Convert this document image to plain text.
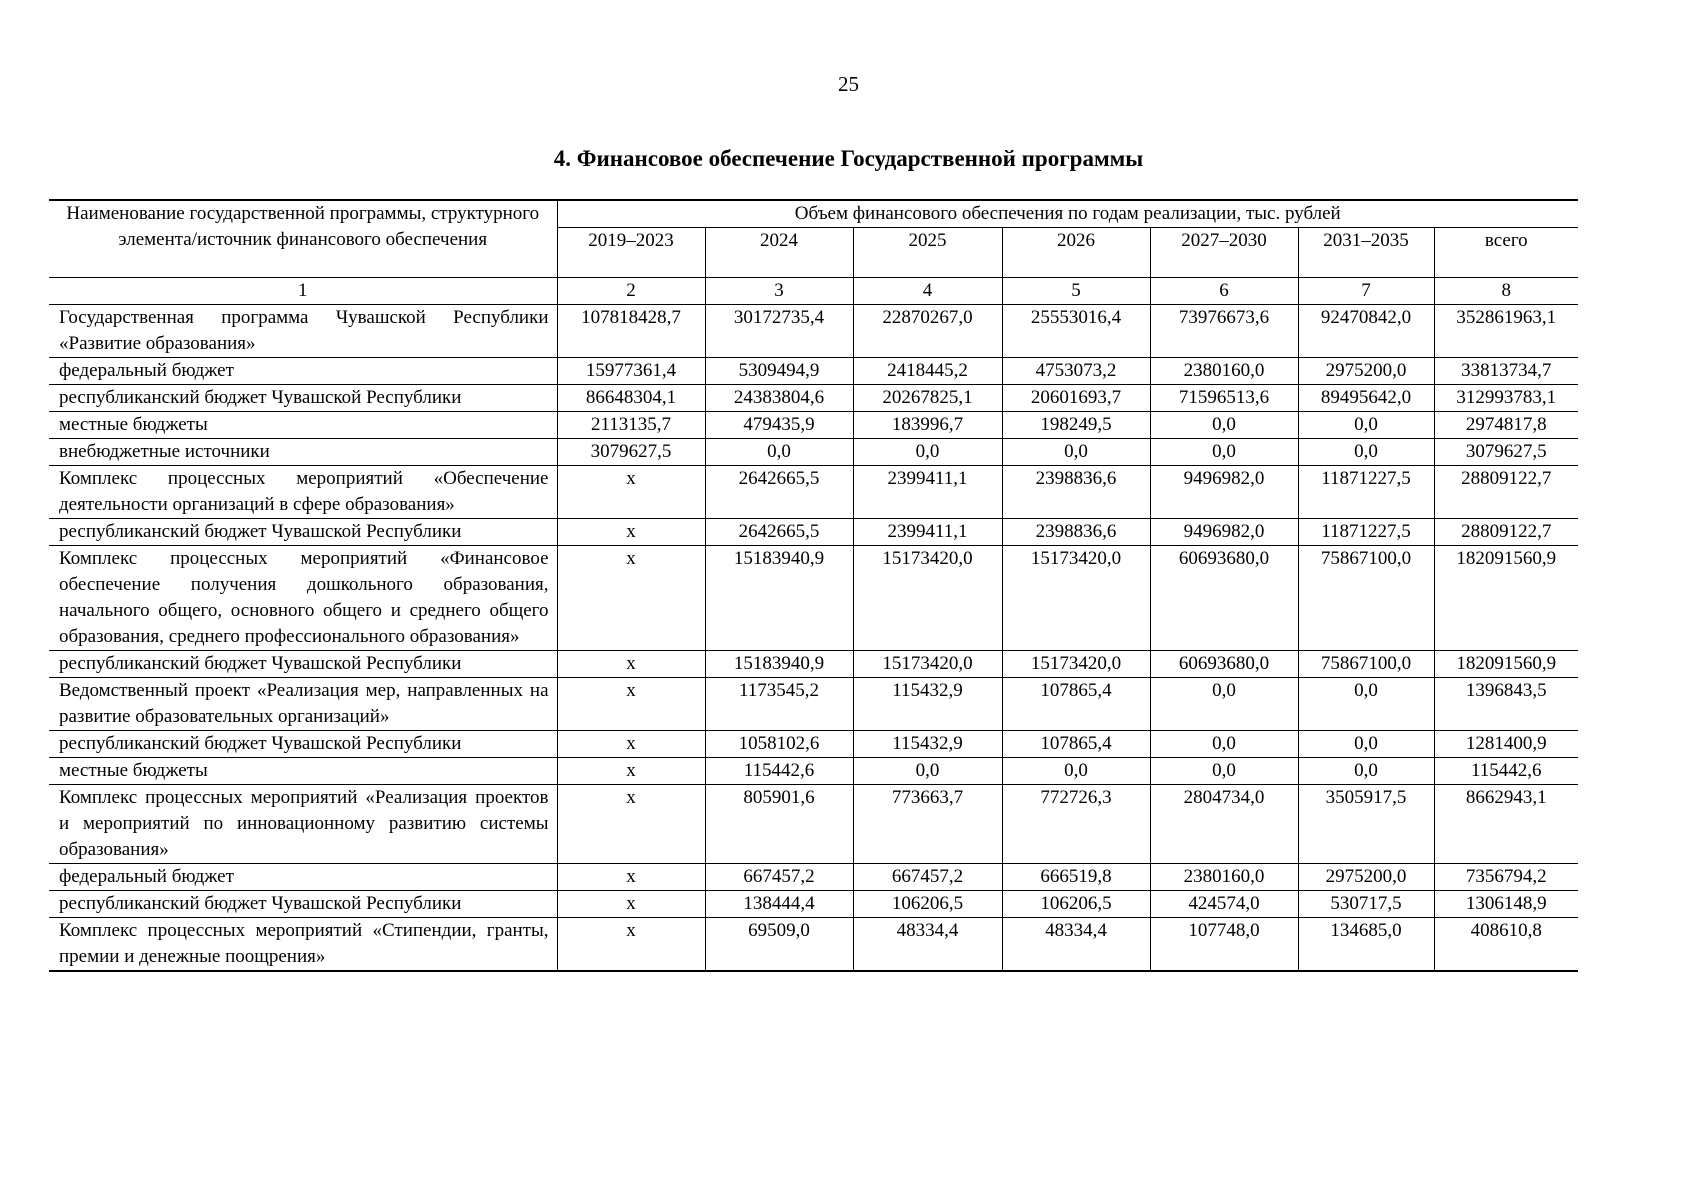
25
4. Финансовое обеспечение Государственной программы
Наименование государственной программы, структурного элемента/источник финансового обеспечения	Объем финансового обеспечения по годам реализации, тыс. рублей						
	2019–2023	2024	2025	2026	2027–2030	2031–2035	всего
1	2	3	4	5	6	7	8
Государственная программа Чувашской Республики «Развитие образования»	107818428,7	30172735,4	22870267,0	25553016,4	73976673,6	92470842,0	352861963,1
федеральный бюджет	15977361,4	5309494,9	2418445,2	4753073,2	2380160,0	2975200,0	33813734,7
республиканский бюджет Чувашской Республики	86648304,1	24383804,6	20267825,1	20601693,7	71596513,6	89495642,0	312993783,1
местные бюджеты	2113135,7	479435,9	183996,7	198249,5	0,0	0,0	2974817,8
внебюджетные источники	3079627,5	0,0	0,0	0,0	0,0	0,0	3079627,5
Комплекс процессных мероприятий «Обеспечение деятельности организаций в сфере образования»	x	2642665,5	2399411,1	2398836,6	9496982,0	11871227,5	28809122,7
республиканский бюджет Чувашской Республики	x	2642665,5	2399411,1	2398836,6	9496982,0	11871227,5	28809122,7
Комплекс процессных мероприятий «Финансовое обеспечение получения дошкольного образования, начального общего, основного общего и среднего общего образования, среднего профессионального образования»	x	15183940,9	15173420,0	15173420,0	60693680,0	75867100,0	182091560,9
республиканский бюджет Чувашской Республики	x	15183940,9	15173420,0	15173420,0	60693680,0	75867100,0	182091560,9
Ведомственный проект «Реализация мер, направленных на развитие образовательных организаций»	x	1173545,2	115432,9	107865,4	0,0	0,0	1396843,5
республиканский бюджет Чувашской Республики	x	1058102,6	115432,9	107865,4	0,0	0,0	1281400,9
местные бюджеты	x	115442,6	0,0	0,0	0,0	0,0	115442,6
Комплекс процессных мероприятий «Реализация проектов и мероприятий по инновационному развитию системы образования»	x	805901,6	773663,7	772726,3	2804734,0	3505917,5	8662943,1
федеральный бюджет	x	667457,2	667457,2	666519,8	2380160,0	2975200,0	7356794,2
республиканский бюджет Чувашской Республики	x	138444,4	106206,5	106206,5	424574,0	530717,5	1306148,9
Комплекс процессных мероприятий «Стипендии, гранты, премии и денежные поощрения»	x	69509,0	48334,4	48334,4	107748,0	134685,0	408610,8
